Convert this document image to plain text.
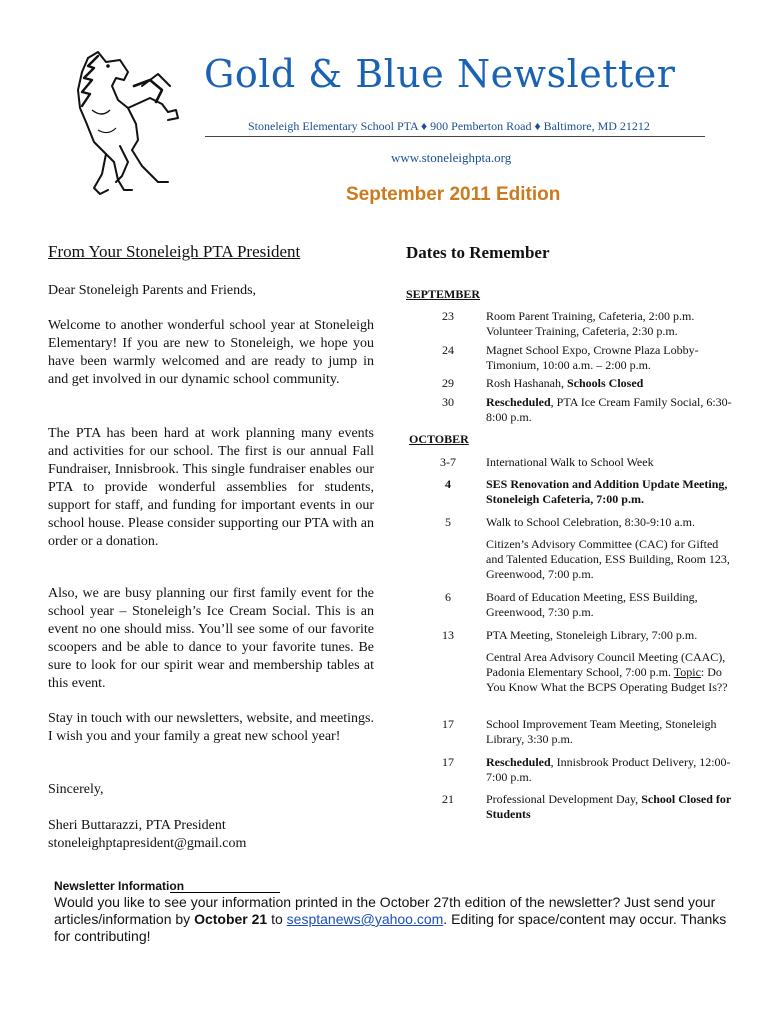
Gold & Blue Newsletter
Stoneleigh Elementary School PTA ♦ 900 Pemberton Road ♦ Baltimore, MD 21212
www.stoneleighpta.org
September 2011 Edition
From Your Stoneleigh PTA President
Dear Stoneleigh Parents and Friends,
Welcome to another wonderful school year at Stoneleigh Elementary! If you are new to Stoneleigh, we hope you have been warmly welcomed and are ready to jump in and get involved in our dynamic school community.
The PTA has been hard at work planning many events and activities for our school. The first is our annual Fall Fundraiser, Innisbrook. This single fundraiser enables our PTA to provide wonderful assemblies for students, support for staff, and funding for important events in our school house. Please consider supporting our PTA with an order or a donation.
Also, we are busy planning our first family event for the school year – Stoneleigh’s Ice Cream Social. This is an event no one should miss. You’ll see some of our favorite scoopers and be able to dance to your favorite tunes. Be sure to look for our spirit wear and membership tables at this event.
Stay in touch with our newsletters, website, and meetings. I wish you and your family a great new school year!
Sincerely,
Sheri Buttarazzi, PTA President
stoneleighptapresident@gmail.com
Dates to Remember
SEPTEMBER
23	Room Parent Training, Cafeteria, 2:00 p.m.
Volunteer Training, Cafeteria, 2:30 p.m.
24	Magnet School Expo, Crowne Plaza Lobby-
Timonium, 10:00 a.m. – 2:00 p.m.
29	Rosh Hashanah, Schools Closed
30	Rescheduled, PTA Ice Cream Family Social, 6:30-8:00 p.m.
OCTOBER
3-7	International Walk to School Week
4	SES Renovation and Addition Update Meeting, Stoneleigh Cafeteria, 7:00 p.m.
5	Walk to School Celebration, 8:30-9:10 a.m.
Citizen’s Advisory Committee (CAC) for Gifted and Talented Education, ESS Building, Room 123, Greenwood, 7:00 p.m.
6	Board of Education Meeting, ESS Building, Greenwood, 7:30 p.m.
13	PTA Meeting, Stoneleigh Library, 7:00 p.m.
Central Area Advisory Council Meeting (CAAC), Padonia Elementary School, 7:00 p.m. Topic: Do You Know What the BCPS Operating Budget Is??
17	School Improvement Team Meeting, Stoneleigh Library, 3:30 p.m.
17	Rescheduled, Innisbrook Product Delivery, 12:00-7:00 p.m.
21	Professional Development Day, School Closed for Students
Newsletter Information
Would you like to see your information printed in the October 27th edition of the newsletter? Just send your articles/information by October 21 to sesptanews@yahoo.com. Editing for space/content may occur. Thanks for contributing!
